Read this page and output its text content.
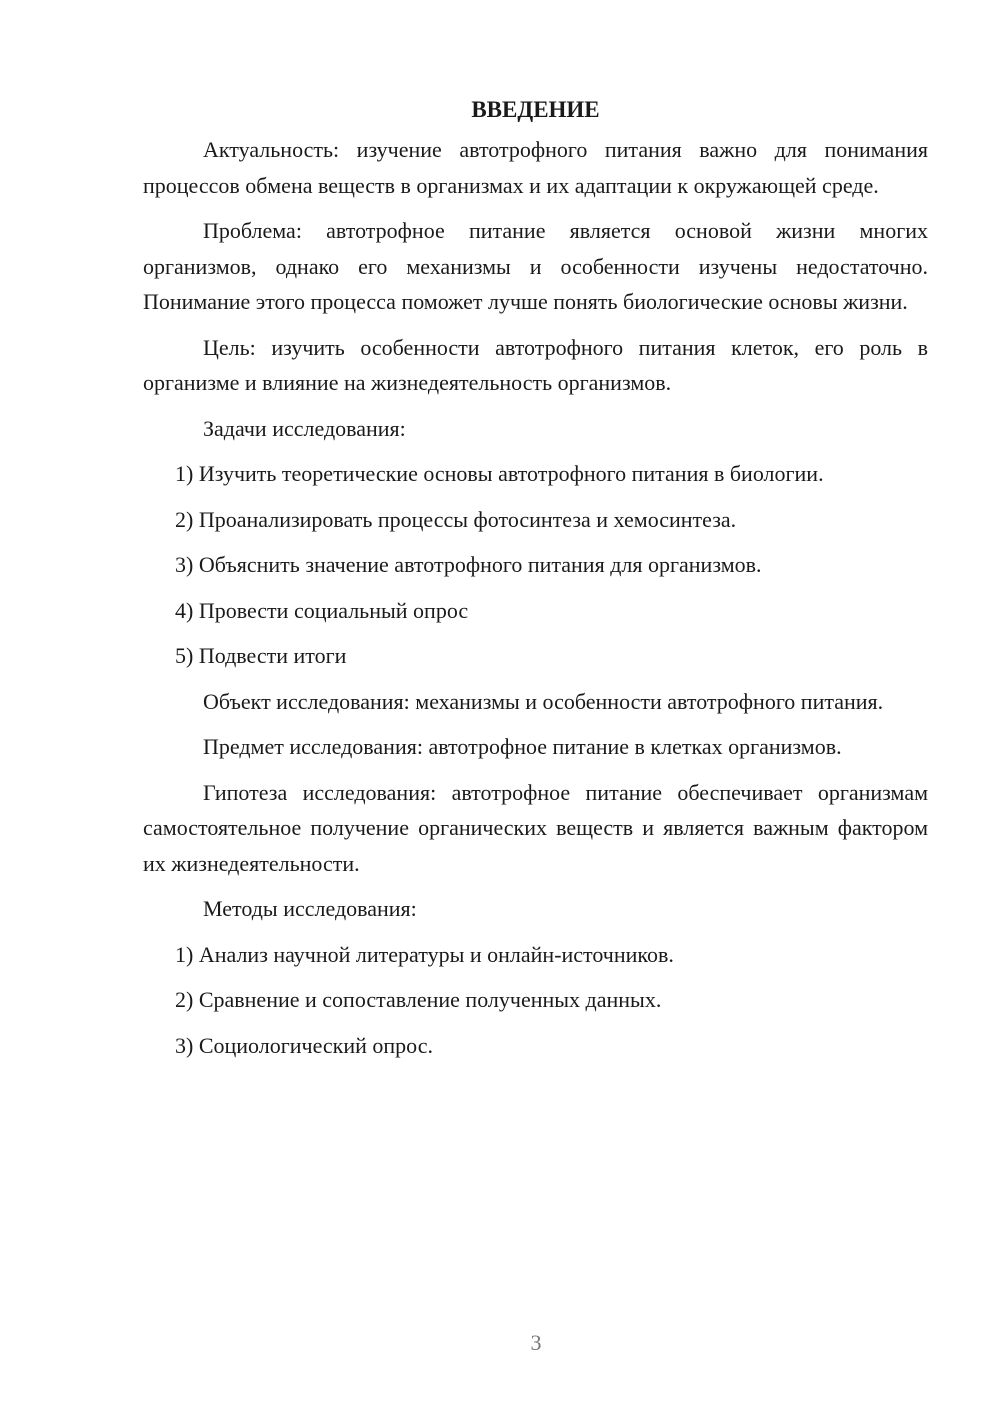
ВВЕДЕНИЕ

Актуальность: изучение автотрофного питания важно для понимания процессов обмена веществ в организмах и их адаптации к окружающей среде.

Проблема: автотрофное питание является основой жизни многих организмов, однако его механизмы и особенности изучены недостаточно. Понимание этого процесса поможет лучше понять биологические основы жизни.

Цель: изучить особенности автотрофного питания клеток, его роль в организме и влияние на жизнедеятельность организмов.

Задачи исследования:

1) Изучить теоретические основы автотрофного питания в биологии.

2) Проанализировать процессы фотосинтеза и хемосинтеза.

3) Объяснить значение автотрофного питания для организмов.

4) Провести социальный опрос

5) Подвести итоги

Объект исследования: механизмы и особенности автотрофного питания.

Предмет исследования: автотрофное питание в клетках организмов.

Гипотеза исследования: автотрофное питание обеспечивает организмам самостоятельное получение органических веществ и является важным фактором их жизнедеятельности.

Методы исследования:

1) Анализ научной литературы и онлайн-источников.

2) Сравнение и сопоставление полученных данных.

3) Социологический опрос.

3
